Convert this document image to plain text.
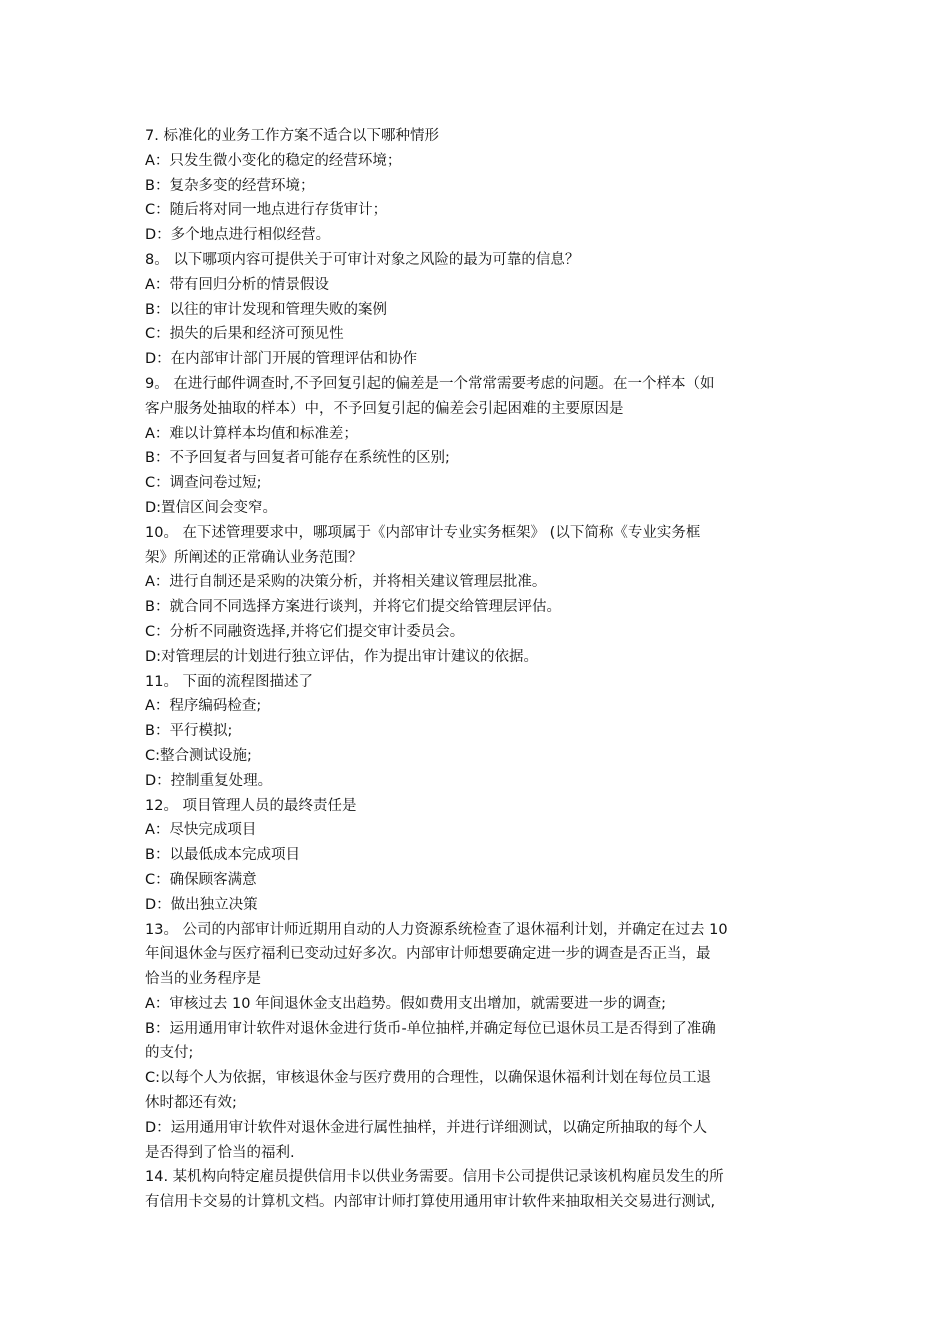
7. 标准化的业务工作方案不适合以下哪种情形
A：只发生微小变化的稳定的经营环境；
B：复杂多变的经营环境；
C：随后将对同一地点进行存货审计；
D：多个地点进行相似经营。
8。 以下哪项内容可提供关于可审计对象之风险的最为可靠的信息？
A：带有回归分析的情景假设
B：以往的审计发现和管理失败的案例
C：损失的后果和经济可预见性
D：在内部审计部门开展的管理评估和协作
9。 在进行邮件调查时,不予回复引起的偏差是一个常常需要考虑的问题。在一个样本（如
客户服务处抽取的样本）中，不予回复引起的偏差会引起困难的主要原因是
A：难以计算样本均值和标准差；
B：不予回复者与回复者可能存在系统性的区别;
C：调查问卷过短;
D:置信区间会变窄。
10。 在下述管理要求中，哪项属于《内部审计专业实务框架》 (以下简称《专业实务框
架》所阐述的正常确认业务范围？
A：进行自制还是采购的决策分析，并将相关建议管理层批准。
B：就合同不同选择方案进行谈判，并将它们提交给管理层评估。
C：分析不同融资选择,并将它们提交审计委员会。
D:对管理层的计划进行独立评估，作为提出审计建议的依据。
11。 下面的流程图描述了
A：程序编码检查;
B：平行模拟;
C:整合测试设施;
D：控制重复处理。
12。 项目管理人员的最终责任是
A：尽快完成项目
B：以最低成本完成项目
C：确保顾客满意
D：做出独立决策
13。 公司的内部审计师近期用自动的人力资源系统检查了退休福利计划，并确定在过去 10
年间退休金与医疗福利已变动过好多次。内部审计师想要确定进一步的调查是否正当，最
恰当的业务程序是
A：审核过去 10 年间退休金支出趋势。假如费用支出增加，就需要进一步的调查;
B：运用通用审计软件对退休金进行货币-单位抽样,并确定每位已退休员工是否得到了准确
的支付;
C:以每个人为依据，审核退休金与医疗费用的合理性，以确保退休福利计划在每位员工退
休时都还有效;
D：运用通用审计软件对退休金进行属性抽样，并进行详细测试，以确定所抽取的每个人
是否得到了恰当的福利.
14. 某机构向特定雇员提供信用卡以供业务需要。信用卡公司提供记录该机构雇员发生的所
有信用卡交易的计算机文档。内部审计师打算使用通用审计软件来抽取相关交易进行测试,
